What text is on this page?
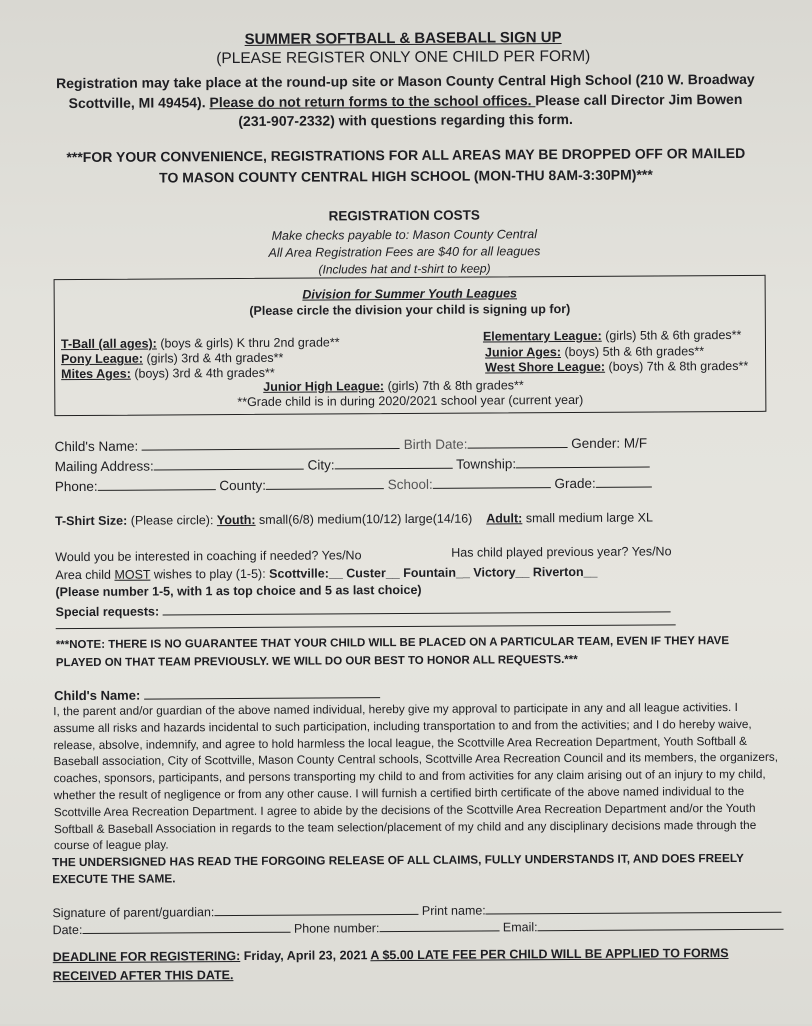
SUMMER SOFTBALL & BASEBALL SIGN UP
(PLEASE REGISTER ONLY ONE CHILD PER FORM)
Registration may take place at the round-up site or Mason County Central High School (210 W. Broadway Scottville, MI 49454). Please do not return forms to the school offices. Please call Director Jim Bowen (231-907-2332) with questions regarding this form.
***FOR YOUR CONVENIENCE, REGISTRATIONS FOR ALL AREAS MAY BE DROPPED OFF OR MAILED TO MASON COUNTY CENTRAL HIGH SCHOOL (MON-THU 8AM-3:30PM)***
REGISTRATION COSTS
Make checks payable to: Mason County Central
All Area Registration Fees are $40 for all leagues
(Includes hat and t-shirt to keep)
Division for Summer Youth Leagues
(Please circle the division your child is signing up for)
T-Ball (all ages): (boys & girls) K thru 2nd grade**
Pony League: (girls) 3rd & 4th grades**
Mites Ages: (boys) 3rd & 4th grades**
Elementary League: (girls) 5th & 6th grades**
Junior Ages: (boys) 5th & 6th grades**
West Shore League: (boys) 7th & 8th grades**
Junior High League: (girls) 7th & 8th grades**
**Grade child is in during 2020/2021 school year (current year)
Child's Name:	Birth Date:	Gender: M/F
Mailing Address:	City:	Township:
Phone:	County:	School:	Grade:
T-Shirt Size: (Please circle): Youth: small(6/8) medium(10/12) large(14/16) Adult: small medium large XL
Would you be interested in coaching if needed? Yes/No	Has child played previous year? Yes/No
Area child MOST wishes to play (1-5): Scottville:__ Custer__ Fountain__ Victory__ Riverton__
(Please number 1-5, with 1 as top choice and 5 as last choice)
Special requests:
***NOTE: THERE IS NO GUARANTEE THAT YOUR CHILD WILL BE PLACED ON A PARTICULAR TEAM, EVEN IF THEY HAVE PLAYED ON THAT TEAM PREVIOUSLY. WE WILL DO OUR BEST TO HONOR ALL REQUESTS.***
Child's Name:
I, the parent and/or guardian of the above named individual, hereby give my approval to participate in any and all league activities. I assume all risks and hazards incidental to such participation, including transportation to and from the activities; and I do hereby waive, release, absolve, indemnify, and agree to hold harmless the local league, the Scottville Area Recreation Department, Youth Softball & Baseball association, City of Scottville, Mason County Central schools, Scottville Area Recreation Council and its members, the organizers, coaches, sponsors, participants, and persons transporting my child to and from activities for any claim arising out of an injury to my child, whether the result of negligence or from any other cause. I will furnish a certified birth certificate of the above named individual to the Scottville Area Recreation Department. I agree to abide by the decisions of the Scottville Area Recreation Department and/or the Youth Softball & Baseball Association in regards to the team selection/placement of my child and any disciplinary decisions made through the course of league play.
THE UNDERSIGNED HAS READ THE FORGOING RELEASE OF ALL CLAIMS, FULLY UNDERSTANDS IT, AND DOES FREELY EXECUTE THE SAME.
Signature of parent/guardian:	Print name:
Date:	Phone number:	Email:
DEADLINE FOR REGISTERING: Friday, April 23, 2021 A $5.00 LATE FEE PER CHILD WILL BE APPLIED TO FORMS RECEIVED AFTER THIS DATE.
